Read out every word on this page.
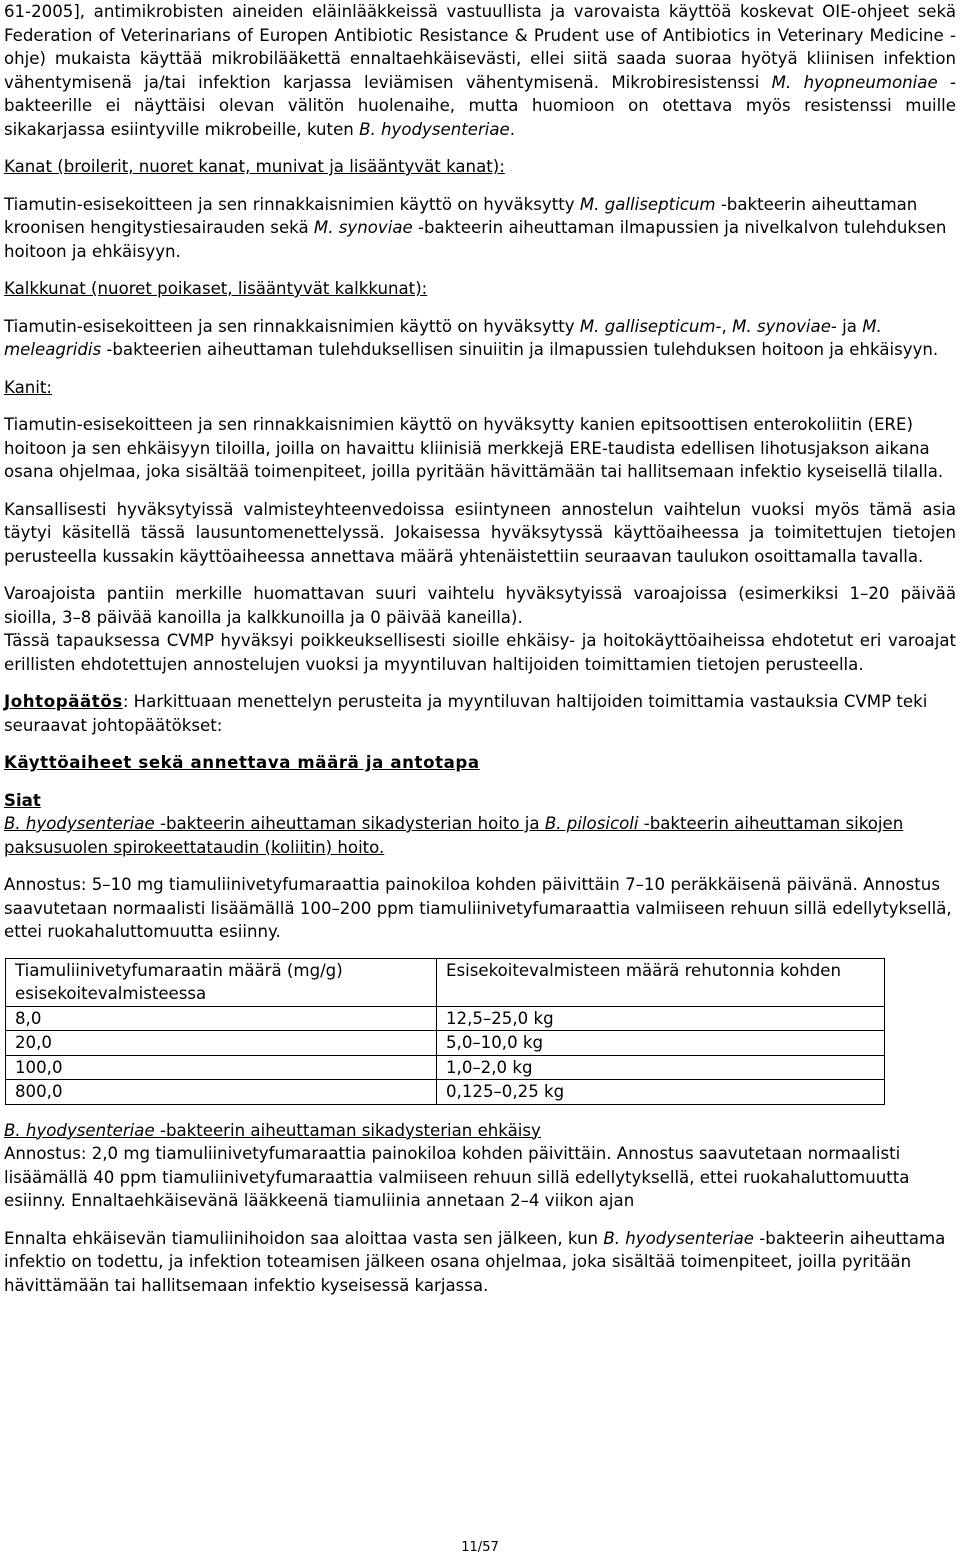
61-2005], antimikrobisten aineiden eläinlääkkeissä vastuullista ja varovaista käyttöä koskevat OIE-ohjeet sekä Federation of Veterinarians of Europen Antibiotic Resistance & Prudent use of Antibiotics in Veterinary Medicine -ohje) mukaista käyttää mikrobilääkettä ennaltaehkäisevästi, ellei siitä saada suoraa hyötyä kliinisen infektion vähentymisenä ja/tai infektion karjassa leviämisen vähentymisenä. Mikrobiresistenssi M. hyopneumoniae -bakteerille ei näyttäisi olevan välitön huolenaihe, mutta huomioon on otettava myös resistenssi muille sikakarjassa esiintyville mikrobeille, kuten B. hyodysenteriae.

Kanat (broilerit, nuoret kanat, munivat ja lisääntyvät kanat):

Tiamutin-esisekoitteen ja sen rinnakkaisnimien käyttö on hyväksytty M. gallisepticum -bakteerin aiheuttaman kroonisen hengitystiesairauden sekä M. synoviae -bakteerin aiheuttaman ilmapussien ja nivelkalvon tulehduksen hoitoon ja ehkäisyyn.

Kalkkunat (nuoret poikaset, lisääntyvät kalkkunat):

Tiamutin-esisekoitteen ja sen rinnakkaisnimien käyttö on hyväksytty M. gallisepticum-, M. synoviae- ja M. meleagridis -bakteerien aiheuttaman tulehduksellisen sinuiitin ja ilmapussien tulehduksen hoitoon ja ehkäisyyn.

Kanit:

Tiamutin-esisekoitteen ja sen rinnakkaisnimien käyttö on hyväksytty kanien epitsoottisen enterokoliitin (ERE) hoitoon ja sen ehkäisyyn tiloilla, joilla on havaittu kliinisiä merkkejä ERE-taudista edellisen lihotusjakson aikana osana ohjelmaa, joka sisältää toimenpiteet, joilla pyritään hävittämään tai hallitsemaan infektio kyseisellä tilalla.

Kansallisesti hyväksytyissä valmisteyhteenvedoissa esiintyneen annostelun vaihtelun vuoksi myös tämä asia täytyi käsitellä tässä lausuntomenettelyssä. Jokaisessa hyväksytyssä käyttöaiheessa ja toimitettujen tietojen perusteella kussakin käyttöaiheessa annettava määrä yhtenäistettiin seuraavan taulukon osoittamalla tavalla.

Varoajoista pantiin merkille huomattavan suuri vaihtelu hyväksytyissä varoajoissa (esimerkiksi 1–20 päivää sioilla, 3–8 päivää kanoilla ja kalkkunoilla ja 0 päivää kaneilla).

Tässä tapauksessa CVMP hyväksyi poikkeuksellisesti sioille ehkäisy- ja hoitokäyttöaiheissa ehdotetut eri varoajat erillisten ehdotettujen annostelujen vuoksi ja myyntiluvan haltijoiden toimittamien tietojen perusteella.

Johtopäätös: Harkittuaan menettelyn perusteita ja myyntiluvan haltijoiden toimittamia vastauksia CVMP teki seuraavat johtopäätökset:

Käyttöaiheet sekä annettava määrä ja antotapa

Siat

B. hyodysenteriae -bakteerin aiheuttaman sikadysterian hoito ja B. pilosicoli -bakteerin aiheuttaman sikojen paksusuolen spirokeettataudin (koliitin) hoito.

Annostus: 5–10 mg tiamuliinivetyfumaraattia painokiloa kohden päivittäin 7–10 peräkkäisenä päivänä. Annostus saavutetaan normaalisti lisäämällä 100–200 ppm tiamuliinivetyfumaraattia valmiiseen rehuun sillä edellytyksellä, ettei ruokahaluttomuutta esiinny.

Tiamuliinivetyfumaraatin määrä (mg/g) esisekoitevalmisteessa	Esisekoitevalmisteen määrä rehutonnia kohden
8,0	12,5–25,0 kg
20,0	5,0–10,0 kg
100,0	1,0–2,0 kg
800,0	0,125–0,25 kg

B. hyodysenteriae -bakteerin aiheuttaman sikadysterian ehkäisy

Annostus: 2,0 mg tiamuliinivetyfumaraattia painokiloa kohden päivittäin. Annostus saavutetaan normaalisti lisäämällä 40 ppm tiamuliinivetyfumaraattia valmiiseen rehuun sillä edellytyksellä, ettei ruokahaluttomuutta esiinny. Ennaltaehkäisevänä lääkkeenä tiamuliinia annetaan 2–4 viikon ajan

Ennalta ehkäisevän tiamuliinihoidon saa aloittaa vasta sen jälkeen, kun B. hyodysenteriae -bakteerin aiheuttama infektio on todettu, ja infektion toteamisen jälkeen osana ohjelmaa, joka sisältää toimenpiteet, joilla pyritään hävittämään tai hallitsemaan infektio kyseisessä karjassa.

11/57
